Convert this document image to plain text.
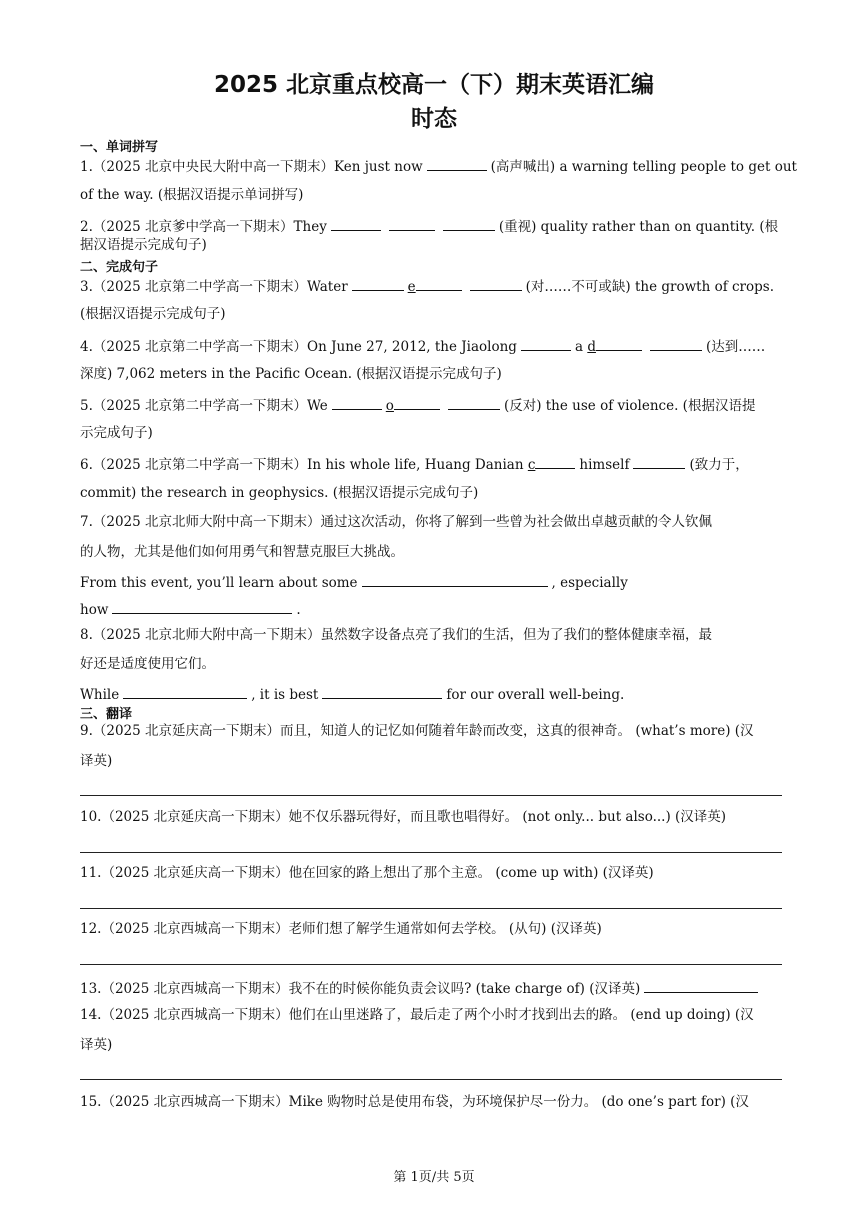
2025 北京重点校高一（下）期末英语汇编
时态
一、单词拼写
1.（2025 北京中央民大附中高一下期末）Ken just now	(高声喊出) a warning telling people to get out
of the way. (根据汉语提示单词拼写)
2.（2025 北京爹中学高一下期末）They	(重视) quality rather than on quantity. (根
据汉语提示完成句子)
二、完成句子
3.（2025 北京第二中学高一下期末）Water	e	(对……不可或缺) the growth of crops.
(根据汉语提示完成句子)
4.（2025 北京第二中学高一下期末）On June 27, 2012, the Jiaolong	a d	(达到……
深度) 7,062 meters in the Pacific Ocean. (根据汉语提示完成句子)
5.（2025 北京第二中学高一下期末）We	o	(反对) the use of violence. (根据汉语提
示完成句子)
6.（2025 北京第二中学高一下期末）In his whole life, Huang Danian c	himself	(致力于，
commit) the research in geophysics. (根据汉语提示完成句子)
7.（2025 北京北师大附中高一下期末）通过这次活动，你将了解到一些曾为社会做出卓越贡献的令人钦佩
的人物，尤其是他们如何用勇气和智慧克服巨大挑战。
From this event, you’ll learn about some	, especially
how	.
8.（2025 北京北师大附中高一下期末）虽然数字设备点亮了我们的生活，但为了我们的整体健康幸福，最
好还是适度使用它们。
While	, it is best	for our overall well-being.
三、翻译
9.（2025 北京延庆高一下期末）而且，知道人的记忆如何随着年龄而改变，这真的很神奇。 (what’s more) (汉
译英)
10.（2025 北京延庆高一下期末）她不仅乐器玩得好，而且歌也唱得好。 (not only... but also...) (汉译英)
11.（2025 北京延庆高一下期末）他在回家的路上想出了那个主意。 (come up with) (汉译英)
12.（2025 北京西城高一下期末）老师们想了解学生通常如何去学校。 (从句) (汉译英)
13.（2025 北京西城高一下期末）我不在的时候你能负责会议吗? (take charge of) (汉译英)
14.（2025 北京西城高一下期末）他们在山里迷路了，最后走了两个小时才找到出去的路。 (end up doing) (汉
译英)
15.（2025 北京西城高一下期末）Mike 购物时总是使用布袋，为环境保护尽一份力。 (do one’s part for) (汉
第 1页/共 5页
